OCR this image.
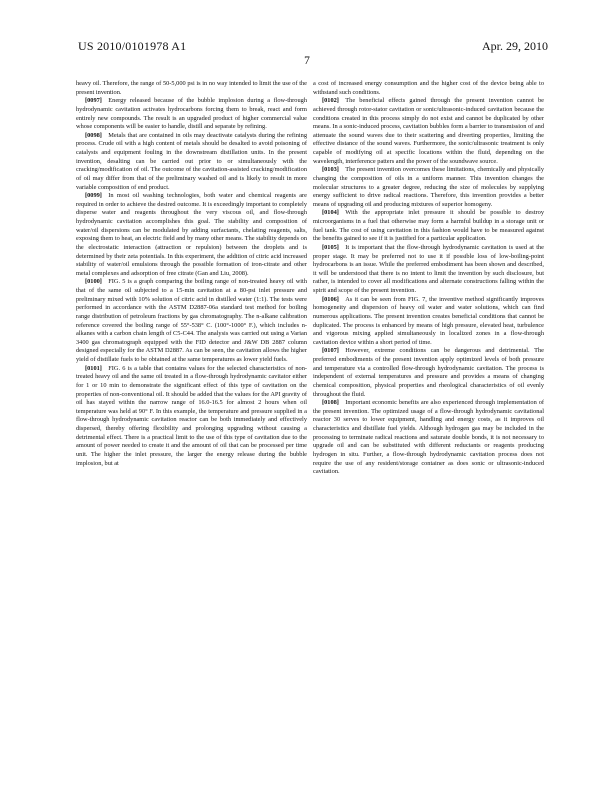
US 2010/0101978 A1	Apr. 29, 2010
7

heavy oil. Therefore, the range of 50-5,000 psi is in no way intended to limit the use of the present invention.

[0097]  Energy released because of the bubble implosion during a flow-through hydrodynamic cavitation activates hydrocarbons forcing them to break, react and form entirely new compounds. The result is an upgraded product of higher commercial value whose components will be easier to handle, distill and separate by refining.

[0098]  Metals that are contained in oils may deactivate catalysts during the refining process. Crude oil with a high content of metals should be desalted to avoid poisoning of catalysts and equipment fouling in the downstream distillation units. In the present invention, desalting can be carried out prior to or simultaneously with the cracking/modification of oil. The outcome of the cavitation-assisted cracking/modification of oil may differ from that of the preliminary washed oil and is likely to result in more variable composition of end product.

[0099]  In most oil washing technologies, both water and chemical reagents are required in order to achieve the desired outcome. It is exceedingly important to completely disperse water and reagents throughout the very viscous oil, and flow-through hydrodynamic cavitation accomplishes this goal. The stability and composition of water/oil dispersions can be modulated by adding surfactants, chelating reagents, salts, exposing them to heat, an electric field and by many other means. The stability depends on the electrostatic interaction (attraction or repulsion) between the droplets and is determined by their zeta potentials. In this experiment, the addition of citric acid increased stability of water/oil emulsions through the possible formation of iron-citrate and other metal complexes and adsorption of free citrate (Gan and Liu, 2008).

[0100]  FIG. 5 is a graph comparing the boiling range of non-treated heavy oil with that of the same oil subjected to a 15-min cavitation at a 80-psi inlet pressure and preliminary mixed with 10% solution of citric acid in distilled water (1:1). The tests were performed in accordance with the ASTM D2887-06a standard test method for boiling range distribution of petroleum fractions by gas chromatography. The n-alkane calibration reference covered the boiling range of 55°-538° C. (100°-1000° F.), which includes n-alkanes with a carbon chain length of C5-C44. The analysis was carried out using a Varian 3400 gas chromatograph equipped with the FID detector and J&W DB 2887 column designed especially for the ASTM D2887. As can be seen, the cavitation allows the higher yield of distillate fuels to be obtained at the same temperatures as lower yield fuels.

[0101]  FIG. 6 is a table that contains values for the selected characteristics of non-treated heavy oil and the same oil treated in a flow-through hydrodynamic cavitator either for 1 or 10 min to demonstrate the significant effect of this type of cavitation on the properties of non-conventional oil. It should be added that the values for the API gravity of oil has stayed within the narrow range of 16.0-16.5 for almost 2 hours when oil temperature was held at 90° F. In this example, the temperature and pressure supplied in a flow-through hydrodynamic cavitation reactor can be both immediately and effectively dispersed, thereby offering flexibility and prolonging upgrading without causing a detrimental effect. There is a practical limit to the use of this type of cavitation due to the amount of power needed to create it and the amount of oil that can be processed per time unit. The higher the inlet pressure, the larger the energy release during the bubble implosion, but at

a cost of increased energy consumption and the higher cost of the device being able to withstand such conditions.

[0102]  The beneficial effects gained through the present invention cannot be achieved through rotor-stator cavitation or sonic/ultrasonic-induced cavitation because the conditions created in this process simply do not exist and cannot be duplicated by other means. In a sonic-induced process, cavitation bubbles form a barrier to transmission of and attenuate the sound waves due to their scattering and diverting properties, limiting the effective distance of the sound waves. Furthermore, the sonic/ultrasonic treatment is only capable of modifying oil at specific locations within the fluid, depending on the wavelength, interference patters and the power of the soundwave source.

[0103]  The present invention overcomes these limitations, chemically and physically changing the composition of oils in a uniform manner. This invention changes the molecular structures to a greater degree, reducing the size of molecules by supplying energy sufficient to drive radical reactions. Therefore, this invention provides a better means of upgrading oil and producing mixtures of superior homogeny.

[0104]  With the appropriate inlet pressure it should be possible to destroy microorganisms in a fuel that otherwise may form a harmful buildup in a storage unit or fuel tank. The cost of using cavitation in this fashion would have to be measured against the benefits gained to see if it is justified for a particular application.

[0105]  It is important that the flow-through hydrodynamic cavitation is used at the proper stage. It may be preferred not to use it if possible loss of low-boiling-point hydrocarbons is an issue. While the preferred embodiment has been shown and described, it will be understood that there is no intent to limit the invention by such disclosure, but rather, is intended to cover all modifications and alternate constructions falling within the spirit and scope of the present invention.

[0106]  As it can be seen from FIG. 7, the inventive method significantly improves homogeneity and dispersion of heavy oil water and water solutions, which can find numerous applications. The present invention creates beneficial conditions that cannot be duplicated. The process is enhanced by means of high pressure, elevated heat, turbulence and vigorous mixing applied simultaneously in localized zones in a flow-through cavitation device within a short period of time.

[0107]  However, extreme conditions can be dangerous and detrimental. The preferred embodiments of the present invention apply optimized levels of both pressure and temperature via a controlled flow-through hydrodynamic cavitation. The process is independent of external temperatures and pressure and provides a means of changing chemical composition, physical properties and rheological characteristics of oil evenly throughout the fluid.

[0108]  Important economic benefits are also experienced through implementation of the present invention. The optimized usage of a flow-through hydrodynamic cavitational reactor 30 serves to lower equipment, handling and energy costs, as it improves oil characteristics and distillate fuel yields. Although hydrogen gas may be included in the processing to terminate radical reactions and saturate double bonds, it is not necessary to upgrade oil and can be substituted with different reductants or reagents producing hydrogen in situ. Further, a flow-through hydrodynamic cavitation process does not require the use of any resident/storage container as does sonic or ultrasonic-induced cavitation.
